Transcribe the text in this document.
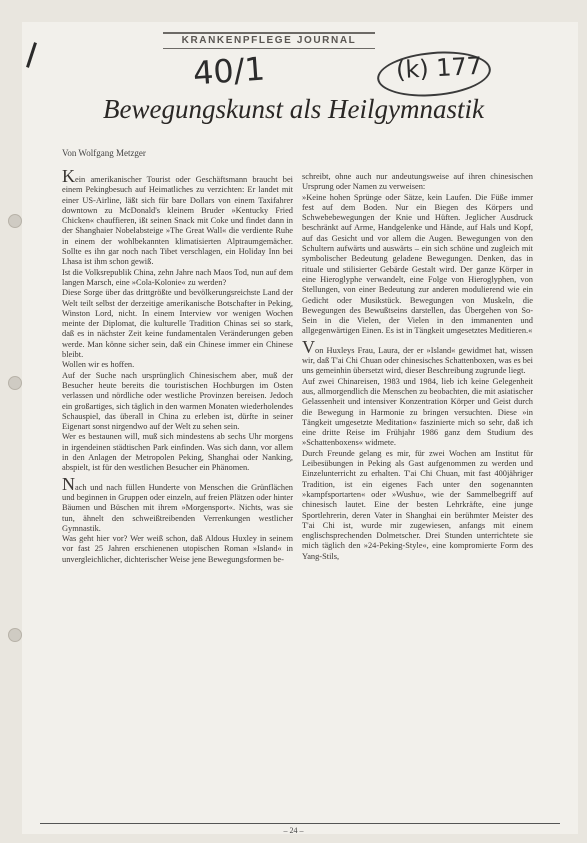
KRANKENPFLEGE JOURNAL
40/1	(k) 177
Bewegungskunst als Heilgymnastik
Von Wolfgang Metzger

Kein amerikanischer Tourist oder Geschäftsmann braucht bei einem Pekingbesuch auf Heimatliches zu verzichten: Er landet mit einer US-Airline, läßt sich für bare Dollars von einem Taxifahrer downtown zu McDonald's kleinem Bruder »Kentucky Fried Chicken« chauffieren, ißt seinen Snack mit Coke und findet dann in der Shanghaier Nobelabsteige »The Great Wall« die verdiente Ruhe in einem der wohlbekannten klimatisierten Alptraumgemächer. Sollte es ihn gar noch nach Tibet verschlagen, ein Holiday Inn bei Lhasa ist ihm schon gewiß.

Ist die Volksrepublik China, zehn Jahre nach Maos Tod, nun auf dem langen Marsch, eine »Cola-Kolonie« zu werden?

Diese Sorge über das drittgrößte und bevölkerungsreichste Land der Welt teilt selbst der derzeitige amerikanische Botschafter in Peking, Winston Lord, nicht. In einem Interview vor wenigen Wochen meinte der Diplomat, die kulturelle Tradition Chinas sei so stark, daß es in nächster Zeit keine fundamentalen Veränderungen geben werde. Man könne sicher sein, daß ein Chinese immer ein Chinese bleibt.

Wollen wir es hoffen.

Auf der Suche nach ursprünglich Chinesischem aber, muß der Besucher heute bereits die touristischen Hochburgen im Osten verlassen und nördliche oder westliche Provinzen bereisen. Jedoch ein großartiges, sich täglich in den warmen Monaten wiederholendes Schauspiel, das überall in China zu erleben ist, dürfte in seiner Eigenart sonst nirgendwo auf der Welt zu sehen sein.

Wer es bestaunen will, muß sich mindestens ab sechs Uhr morgens in irgendeinen städtischen Park einfinden. Was sich dann, vor allem in den Anlagen der Metropolen Peking, Shanghai oder Nanking, abspielt, ist für den westlichen Besucher ein Phänomen.

Nach und nach füllen Hunderte von Menschen die Grünflächen und beginnen in Gruppen oder einzeln, auf freien Plätzen oder hinter Bäumen und Büschen mit ihrem »Morgensport«. Nichts, was sie tun, ähnelt den schweißtreibenden Verrenkungen westlicher Gymnastik.

Was geht hier vor? Wer weiß schon, daß Aldous Huxley in seinem vor fast 25 Jahren erschienenen utopischen Roman »Island« in unvergleichlicher, dichterischer Weise jene Bewegungsformen be-

schreibt, ohne auch nur andeutungsweise auf ihren chinesischen Ursprung oder Namen zu verweisen:

»Keine hohen Sprünge oder Sätze, kein Laufen. Die Füße immer fest auf dem Boden. Nur ein Biegen des Körpers und Schwebebewegungen der Knie und Hüften. Jeglicher Ausdruck beschränkt auf Arme, Handgelenke und Hände, auf Hals und Kopf, auf das Gesicht und vor allem die Augen. Bewegungen von den Schultern aufwärts und auswärts – ein sich schöne und zugleich mit symbolischer Bedeutung geladene Bewegungen. Denken, das in rituale und stilisierter Gebärde Gestalt wird. Der ganze Körper in eine Hieroglyphe verwandelt, eine Folge von Hieroglyphen, von Stellungen, von einer Bedeutung zur anderen modulierend wie ein Gedicht oder Musikstück. Bewegungen von Muskeln, die Bewegungen des Bewußtseins darstellen, das Übergehen von So-Sein in die Vielen, der Vielen in den immanenten und allgegenwärtigen Einen. Es ist in Tängkeit umgesetztes Meditieren.«

Von Huxleys Frau, Laura, der er »Island« gewidmet hat, wissen wir, daß T'ai Chi Chuan oder chinesisches Schattenboxen, was es bei uns gemeinhin übersetzt wird, dieser Beschreibung zugrunde liegt.

Auf zwei Chinareisen, 1983 und 1984, lieb ich keine Gelegenheit aus, allmorgendlich die Menschen zu beobachten, die mit asiatischer Gelassenheit und intensiver Konzentration Körper und Geist durch die Bewegung in Harmonie zu bringen versuchten. Diese »in Tängkeit umgesetzte Meditation« faszinierte mich so sehr, daß ich eine dritte Reise im Frühjahr 1986 ganz dem Studium des »Schattenboxens« widmete.

Durch Freunde gelang es mir, für zwei Wochen am Institut für Leibesübungen in Peking als Gast aufgenommen zu werden und Einzelunterricht zu erhalten. T'ai Chi Chuan, mit fast 400jähriger Tradition, ist ein eigenes Fach unter den sogenannten »kampfsportarten« oder »Wushu«, wie der Sammelbegriff auf chinesisch lautet. Eine der besten Lehrkräfte, eine junge Sportlehrerin, deren Vater in Shanghai ein berühmter Meister des T'ai Chi ist, wurde mir zugewiesen, anfangs mit einem englischsprechenden Dolmetscher. Drei Stunden unterrichtete sie mich täglich den »24-Peking-Style«, eine kompromierte Form des Yang-Stils,

– 24 –
